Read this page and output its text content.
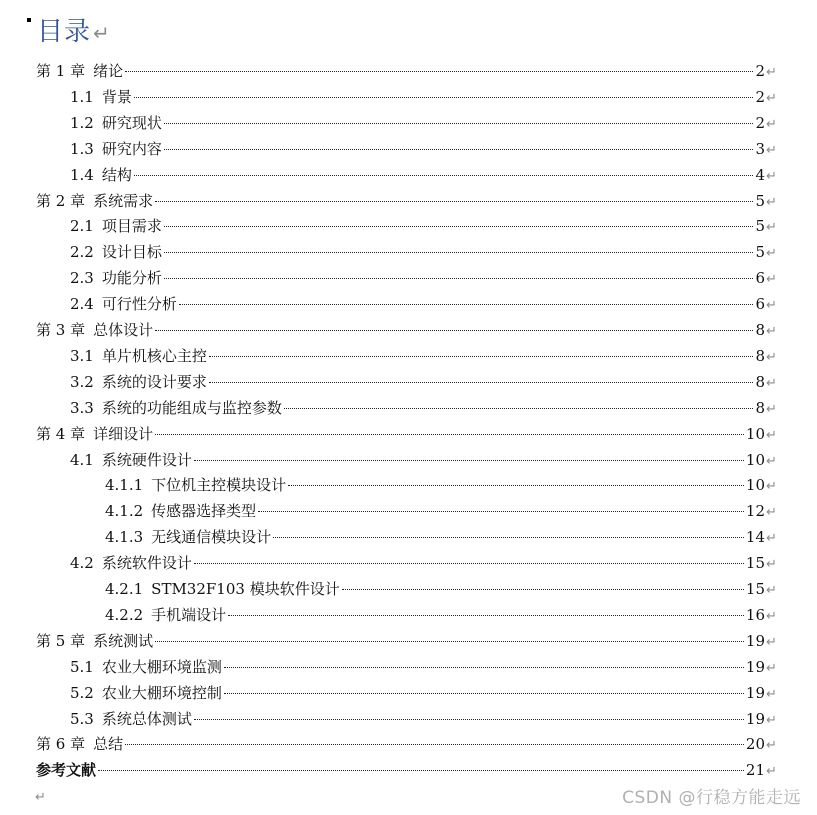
目录 ↵
第 1 章 绪论	2 ↵
1.1 背景	2 ↵
1.2 研究现状	2 ↵
1.3 研究内容	3 ↵
1.4 结构	4 ↵
第 2 章 系统需求	5 ↵
2.1 项目需求	5 ↵
2.2 设计目标	5 ↵
2.3 功能分析	6 ↵
2.4 可行性分析	6 ↵
第 3 章 总体设计	8 ↵
3.1 单片机核心主控	8 ↵
3.2 系统的设计要求	8 ↵
3.3 系统的功能组成与监控参数	8 ↵
第 4 章 详细设计	10 ↵
4.1 系统硬件设计	10 ↵
4.1.1 下位机主控模块设计	10 ↵
4.1.2 传感器选择类型	12 ↵
4.1.3 无线通信模块设计	14 ↵
4.2 系统软件设计	15 ↵
4.2.1 STM32F103 模块软件设计	15 ↵
4.2.2 手机端设计	16 ↵
第 5 章 系统测试	19 ↵
5.1 农业大棚环境监测	19 ↵
5.2 农业大棚环境控制	19 ↵
5.3 系统总体测试	19 ↵
第 6 章 总结	20 ↵
参考文献	21 ↵
↵	CSDN @行稳方能走远
